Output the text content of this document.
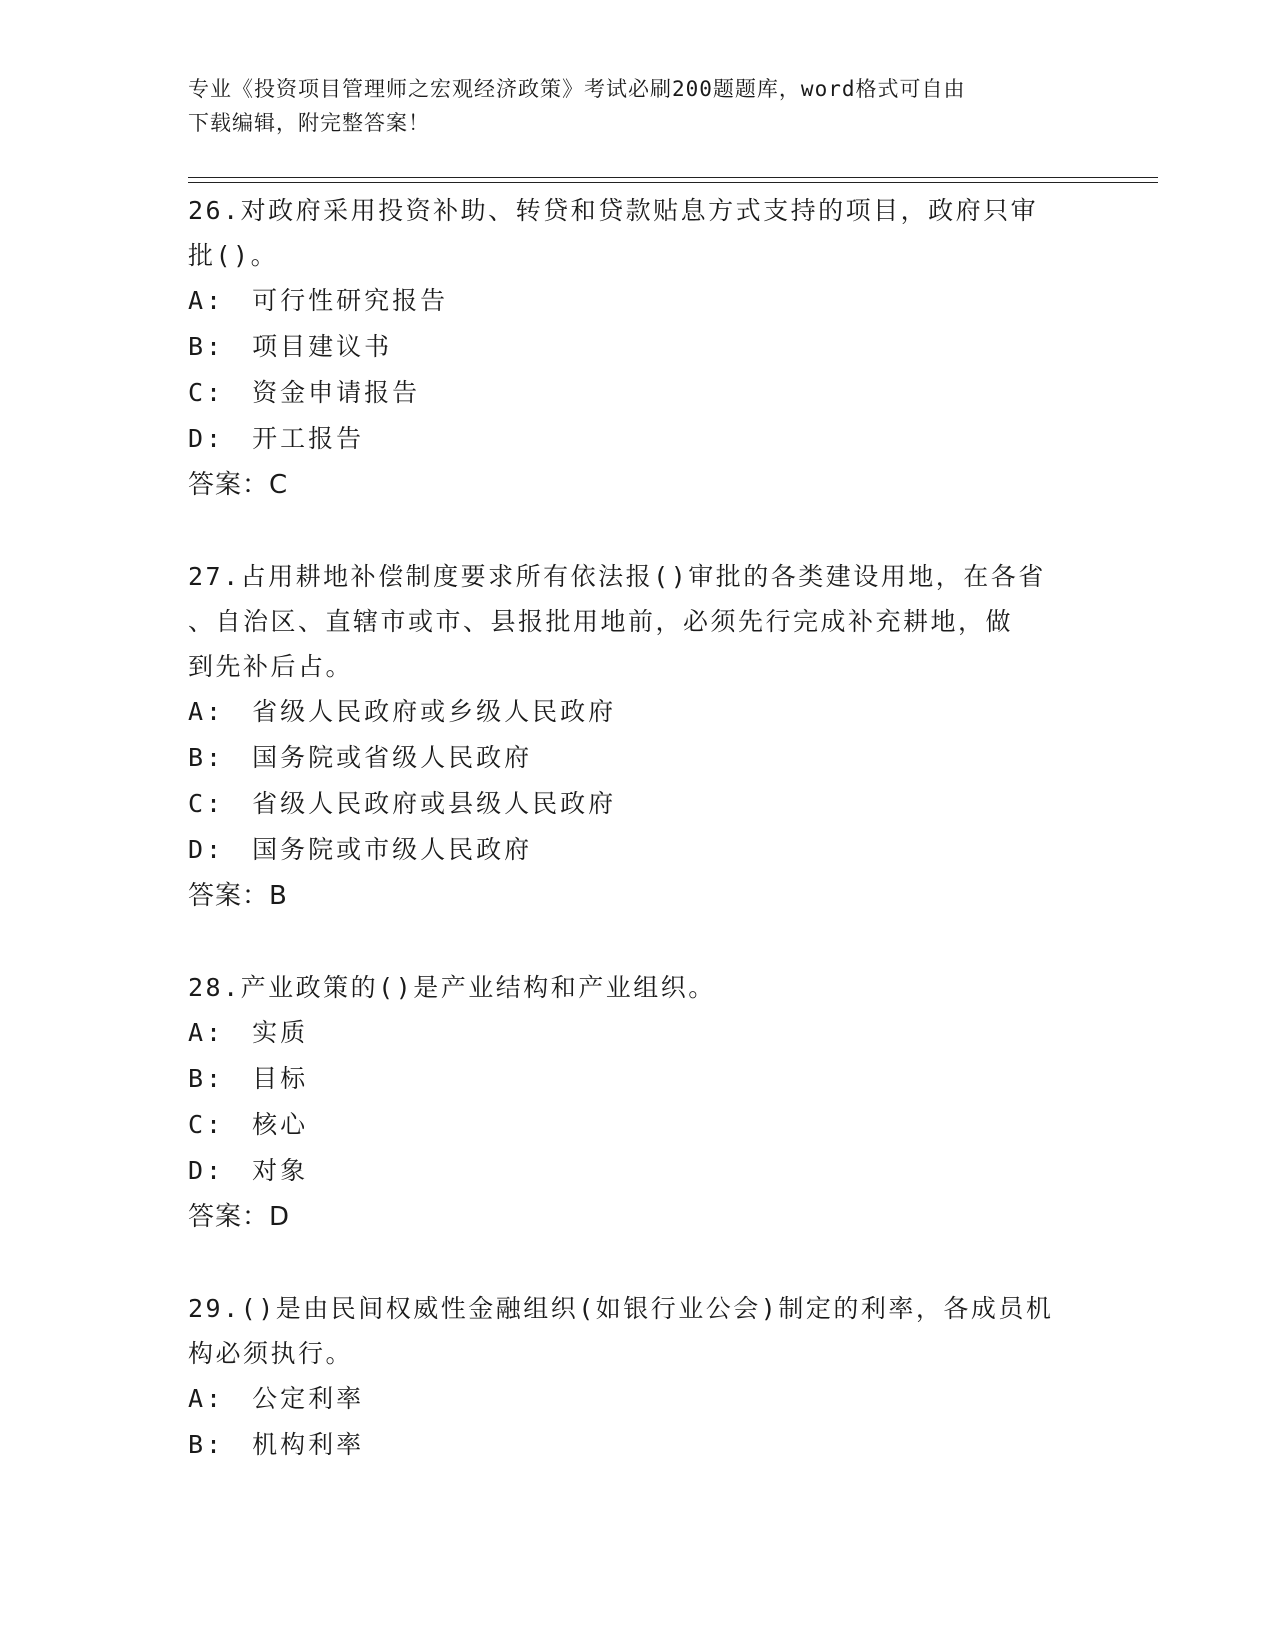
专业《投资项目管理师之宏观经济政策》考试必刷200题题库，word格式可自由
下载编辑，附完整答案！
26.对政府采用投资补助、转贷和贷款贴息方式支持的项目，政府只审
批()。
A:　可行性研究报告
B:　项目建议书
C:　资金申请报告
D:　开工报告
答案：C
27.占用耕地补偿制度要求所有依法报()审批的各类建设用地，在各省
、自治区、直辖市或市、县报批用地前，必须先行完成补充耕地，做
到先补后占。
A:　省级人民政府或乡级人民政府
B:　国务院或省级人民政府
C:　省级人民政府或县级人民政府
D:　国务院或市级人民政府
答案：B
28.产业政策的()是产业结构和产业组织。
A:　实质
B:　目标
C:　核心
D:　对象
答案：D
29.()是由民间权威性金融组织(如银行业公会)制定的利率，各成员机
构必须执行。
A:　公定利率
B:　机构利率
